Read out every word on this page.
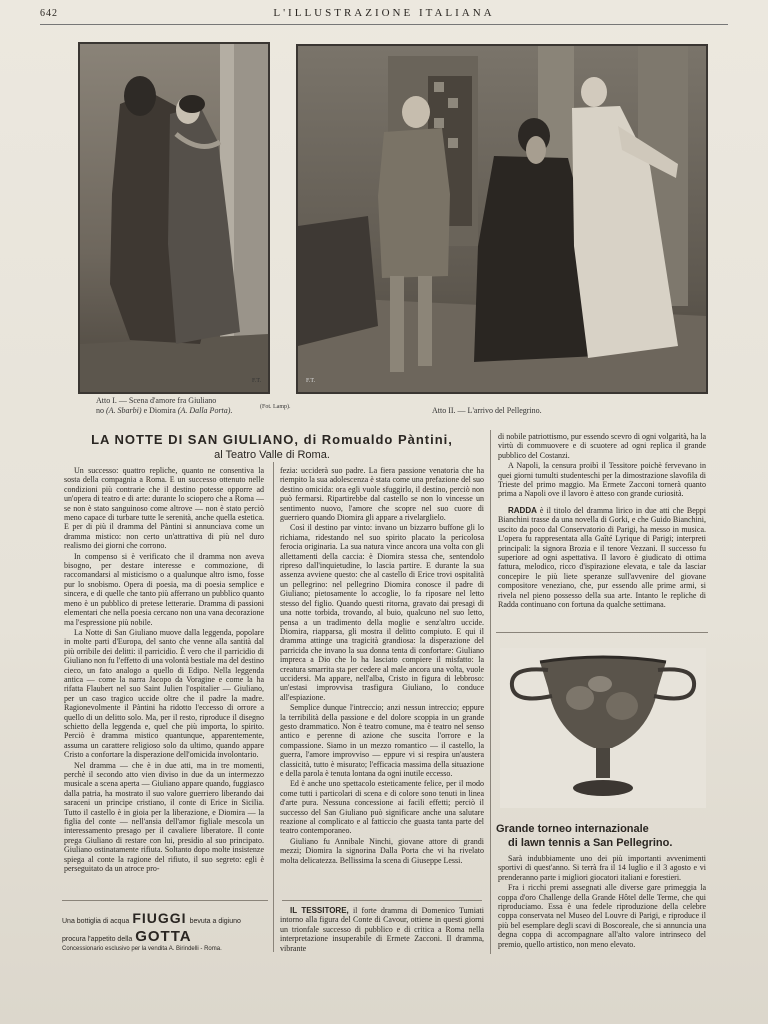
642	L'ILLUSTRAZIONE ITALIANA
Atto I. — Scena d'amore fra Giuliano
no (A. Sbarbi) e Diomira (A. Dalla Porta).
F.T.
(Fot. Lamp).	Atto II. — L'arrivo del Pellegrino.
F.T.
LA NOTTE DI SAN GIULIANO, di Romualdo Pàntini,
al Teatro Valle di Roma.

Un successo: quattro repliche, quanto ne consentiva la sosta della compagnia a Roma. E un successo ottenuto nelle condizioni più contrarie che il destino potesse opporre ad un'opera di teatro e di arte: durante lo sciopero che a Roma — se non è stato sanguinoso come altrove — non è stato perciò meno capace di turbare tutte le serenità, anche quella estetica. E per di più il dramma del Pàntini si annunciava come un dramma mistico: non certo un'attrattiva di più nel duro realismo dei giorni che corrono.

In compenso si è verificato che il dramma non aveva bisogno, per destare interesse e commozione, di raccomandarsi al misticismo o a qualunque altro ismo, fosse pur lo snobismo. Opera di poesia, ma di poesia semplice e sincera, e di quelle che tanto più afferrano un pubblico quanto meno è un pubblico di pretese letterarie. Dramma di passioni elementari che nella poesia cercano non una vana decorazione ma l'espressione più nobile.

La Notte di San Giuliano muove dalla leggenda, popolare in molte parti d'Europa, del santo che venne alla santità dal più orribile dei delitti: il parricidio. È vero che il parricidio di Giuliano non fu l'effetto di una volontà bestiale ma del destino cieco, un fato analogo a quello di Edipo. Nella leggenda antica — come la narra Jacopo da Voragine e come la ha rifatta Flaubert nel suo Saint Julien l'ospitalier — Giuliano, per un caso tragico uccide oltre che il padre la madre. Ragionevolmente il Pàntini ha ridotto l'eccesso di orrore a quello di un delitto solo. Ma, per il resto, riproduce il disegno schietto della leggenda e, quel che più importa, lo spirito. Perciò è dramma mistico quantunque, apparentemente, assuma un carattere religioso solo da ultimo, quando appare Cristo a confortare la disperazione dell'omicida involontario.

Nel dramma — che è in due atti, ma in tre momenti, perchè il secondo atto vien diviso in due da un intermezzo musicale a scena aperta — Giuliano appare quando, fuggiasco dalla patria, ha mostrato il suo valore guerriero liberando dai saraceni un principe cristiano, il conte di Erice in Sicilia. Tutto il castello è in gioia per la liberazione, e Diomira — la figlia del conte — nell'ansia dell'amor figliale mescola un interessamento presago per il cavaliere liberatore. Il conte prega Giuliano di restare con lui, presidio al suo principato. Giuliano ostinatamente rifiuta. Soltanto dopo molte insistenze spiega al conte la ragione del rifiuto, il suo segreto: egli è perseguitato da un atroce pro-

Una bottiglia di acqua FIUGGI bevuta a digiuno
procura l'appetito della GOTTA
Concessionario esclusivo per la vendita A. Birindelli - Roma.

fezia: ucciderà suo padre. La fiera passione venatoria che ha riempito la sua adolescenza è stata come una prefazione del suo destino omicida: ora egli vuole sfuggirlo, il destino, perciò non può fermarsi. Ripartirebbe dal castello se non lo vincesse un sentimento nuovo, l'amore che scopre nel suo cuore di guerriero quando Diomira gli appare a rivelarglielo.

Così il destino par vinto: invano un bizzarro buffone gli lo richiama, ridestando nel suo spirito placato la pericolosa ferocia originaria. La sua natura vince ancora una volta con gli allettamenti della caccia: è Diomira stessa che, sentendolo ripreso dall'inquietudine, lo lascia partire. E durante la sua assenza avviene questo: che al castello di Erice trovi ospitalità un pellegrino: nel pellegrino Diomira conosce il padre di Giuliano; pietosamente lo accoglie, lo fa riposare nel letto stesso del figlio. Quando questi ritorna, gravato dai presagi di una notte torbida, trovando, al buio, qualcuno nel suo letto, pensa a un tradimento della moglie e senz'altro uccide. Diomira, riapparsa, gli mostra il delitto compiuto. E qui il dramma attinge una tragicità grandiosa: la disperazione del parricida che invano la sua donna tenta di confortare: Giuliano impreca a Dio che lo ha lasciato compiere il misfatto: la creatura smarrita sta per cedere al male ancora una volta, vuole uccidersi. Ma appare, nell'alba, Cristo in figura di lebbroso: un'estasi improvvisa trasfigura Giuliano, lo conduce all'espiazione.

Semplice dunque l'intreccio; anzi nessun intreccio; eppure la terribilità della passione e del dolore scoppia in un grande gesto drammatico. Non è teatro comune, ma è teatro nel senso antico e perenne di azione che suscita l'orrore e la compassione. Siamo in un mezzo romantico — il castello, la guerra, l'amore improvviso — eppure vi si respira un'austera classicità, tutto è misurato; l'efficacia massima della situazione e della parola è tenuta lontana da ogni inutile eccesso.

Ed è anche uno spettacolo esteticamente felice, per il modo come tutti i particolari di scena e di colore sono tenuti in linea d'arte pura. Nessuna concessione ai facili effetti; perciò il successo del San Giuliano può significare anche una salutare reazione al complicato e al fatticcio che guasta tanta parte del teatro contemporaneo.

Giuliano fu Annibale Ninchi, giovane attore di grandi mezzi; Diomira la signorina Dalla Porta che vi ha rivelato molta delicatezza. Bellissima la scena di Giuseppe Lessi.

IL TESSITORE, il forte dramma di Domenico Tumiati intorno alla figura del Conte di Cavour, ottiene in questi giorni un trionfale successo di pubblico e di critica a Roma nella interpretazione insuperabile di Ermete Zacconi. Il dramma, vibrante

di nobile patriottismo, pur essendo scevro di ogni volgarità, ha la virtù di commuovere e di scuotere ad ogni replica il grande pubblico del Costanzi.

A Napoli, la censura proibì il Tessitore poichè fervevano in quei giorni tumulti studenteschi per la dimostrazione slavofila di Trieste del primo maggio. Ma Ermete Zacconi tornerà quanto prima a Napoli ove il lavoro è atteso con grande curiosità.

RADDA è il titolo del dramma lirico in due atti che Beppi Bianchini trasse da una novella di Gorki, e che Guido Bianchini, uscito da poco dal Conservatorio di Parigi, ha messo in musica. L'opera fu rappresentata alla Gaîté Lyrique di Parigi; interpreti principali: la signora Brozia e il tenore Vezzani. Il successo fu superiore ad ogni aspettativa. Il lavoro è giudicato di ottima fattura, melodico, ricco d'ispirazione elevata, e tale da lasciar concepire le più liete speranze sull'avvenire del giovane compositore veneziano, che, pur essendo alle prime armi, si rivela nel pieno possesso della sua arte. Intanto le repliche di Radda continuano con fortuna da qualche settimana.

Grande torneo internazionale
di lawn tennis a San Pellegrino.

Sarà indubbiamente uno dei più importanti avvenimenti sportivi di quest'anno. Si terrà fra il 14 luglio e il 3 agosto e vi prenderanno parte i migliori giocatori italiani e forestieri.

Fra i ricchi premi assegnati alle diverse gare primeggia la coppa d'oro Challenge della Grande Hôtel delle Terme, che qui riproduciamo. Essa è una fedele riproduzione della celebre coppa conservata nel Museo del Louvre di Parigi, e riproduce il più bel esemplare degli scavi di Boscoreale, che si annuncia una degna coppa di accompagnare all'alto valore intrinseco del premio, quello artistico, non meno elevato.
